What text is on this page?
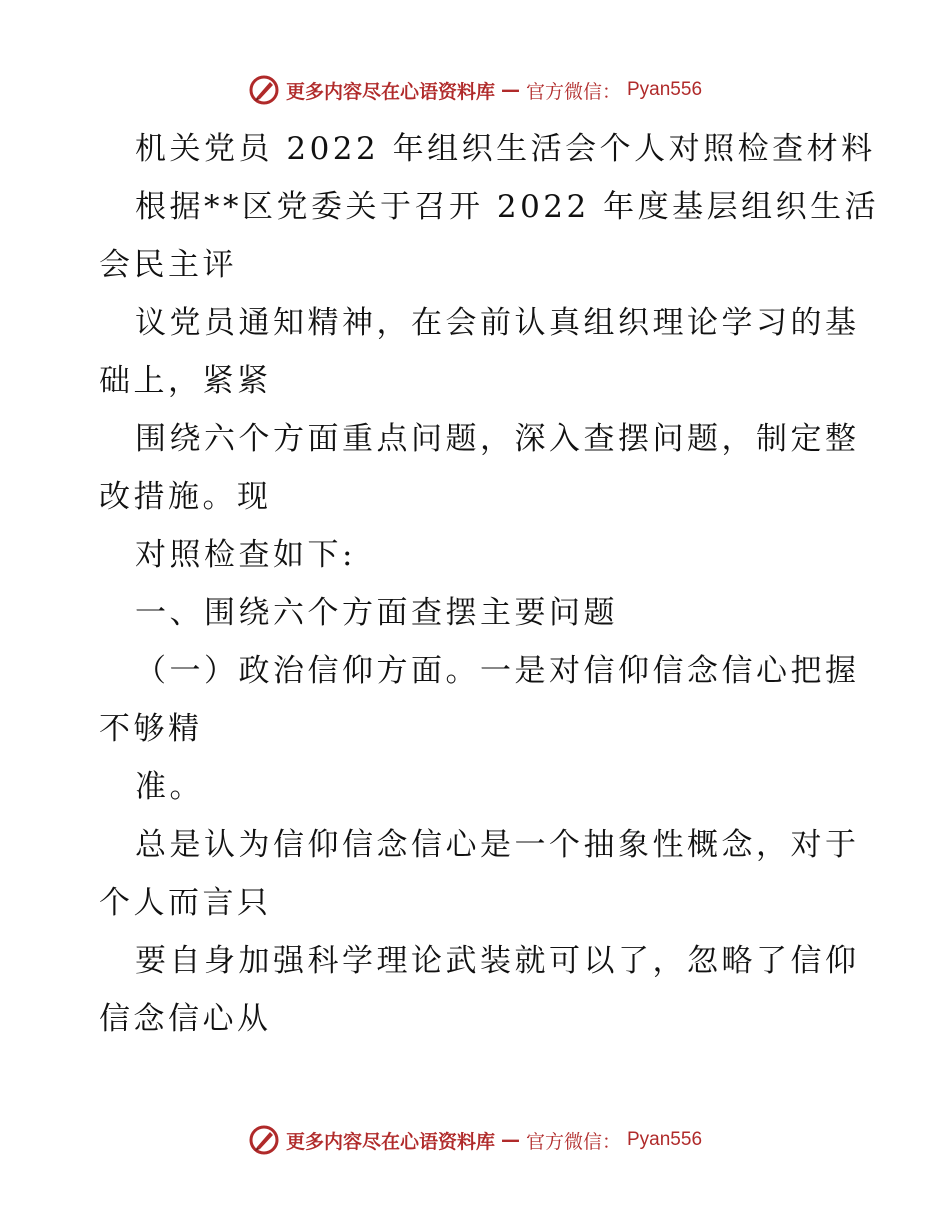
更多内容尽在心语资料库 — 官方微信： Pyan556
机关党员 2022 年组织生活会个人对照检查材料
根据**区党委关于召开 2022 年度基层组织生活
会民主评
议党员通知精神，在会前认真组织理论学习的基
础上，紧紧
围绕六个方面重点问题，深入查摆问题，制定整
改措施。现
对照检查如下:
一、围绕六个方面查摆主要问题
（一）政治信仰方面。一是对信仰信念信心把握
不够精
准。
总是认为信仰信念信心是一个抽象性概念，对于
个人而言只
要自身加强科学理论武装就可以了，忽略了信仰
信念信心从
更多内容尽在心语资料库 — 官方微信： Pyan556
